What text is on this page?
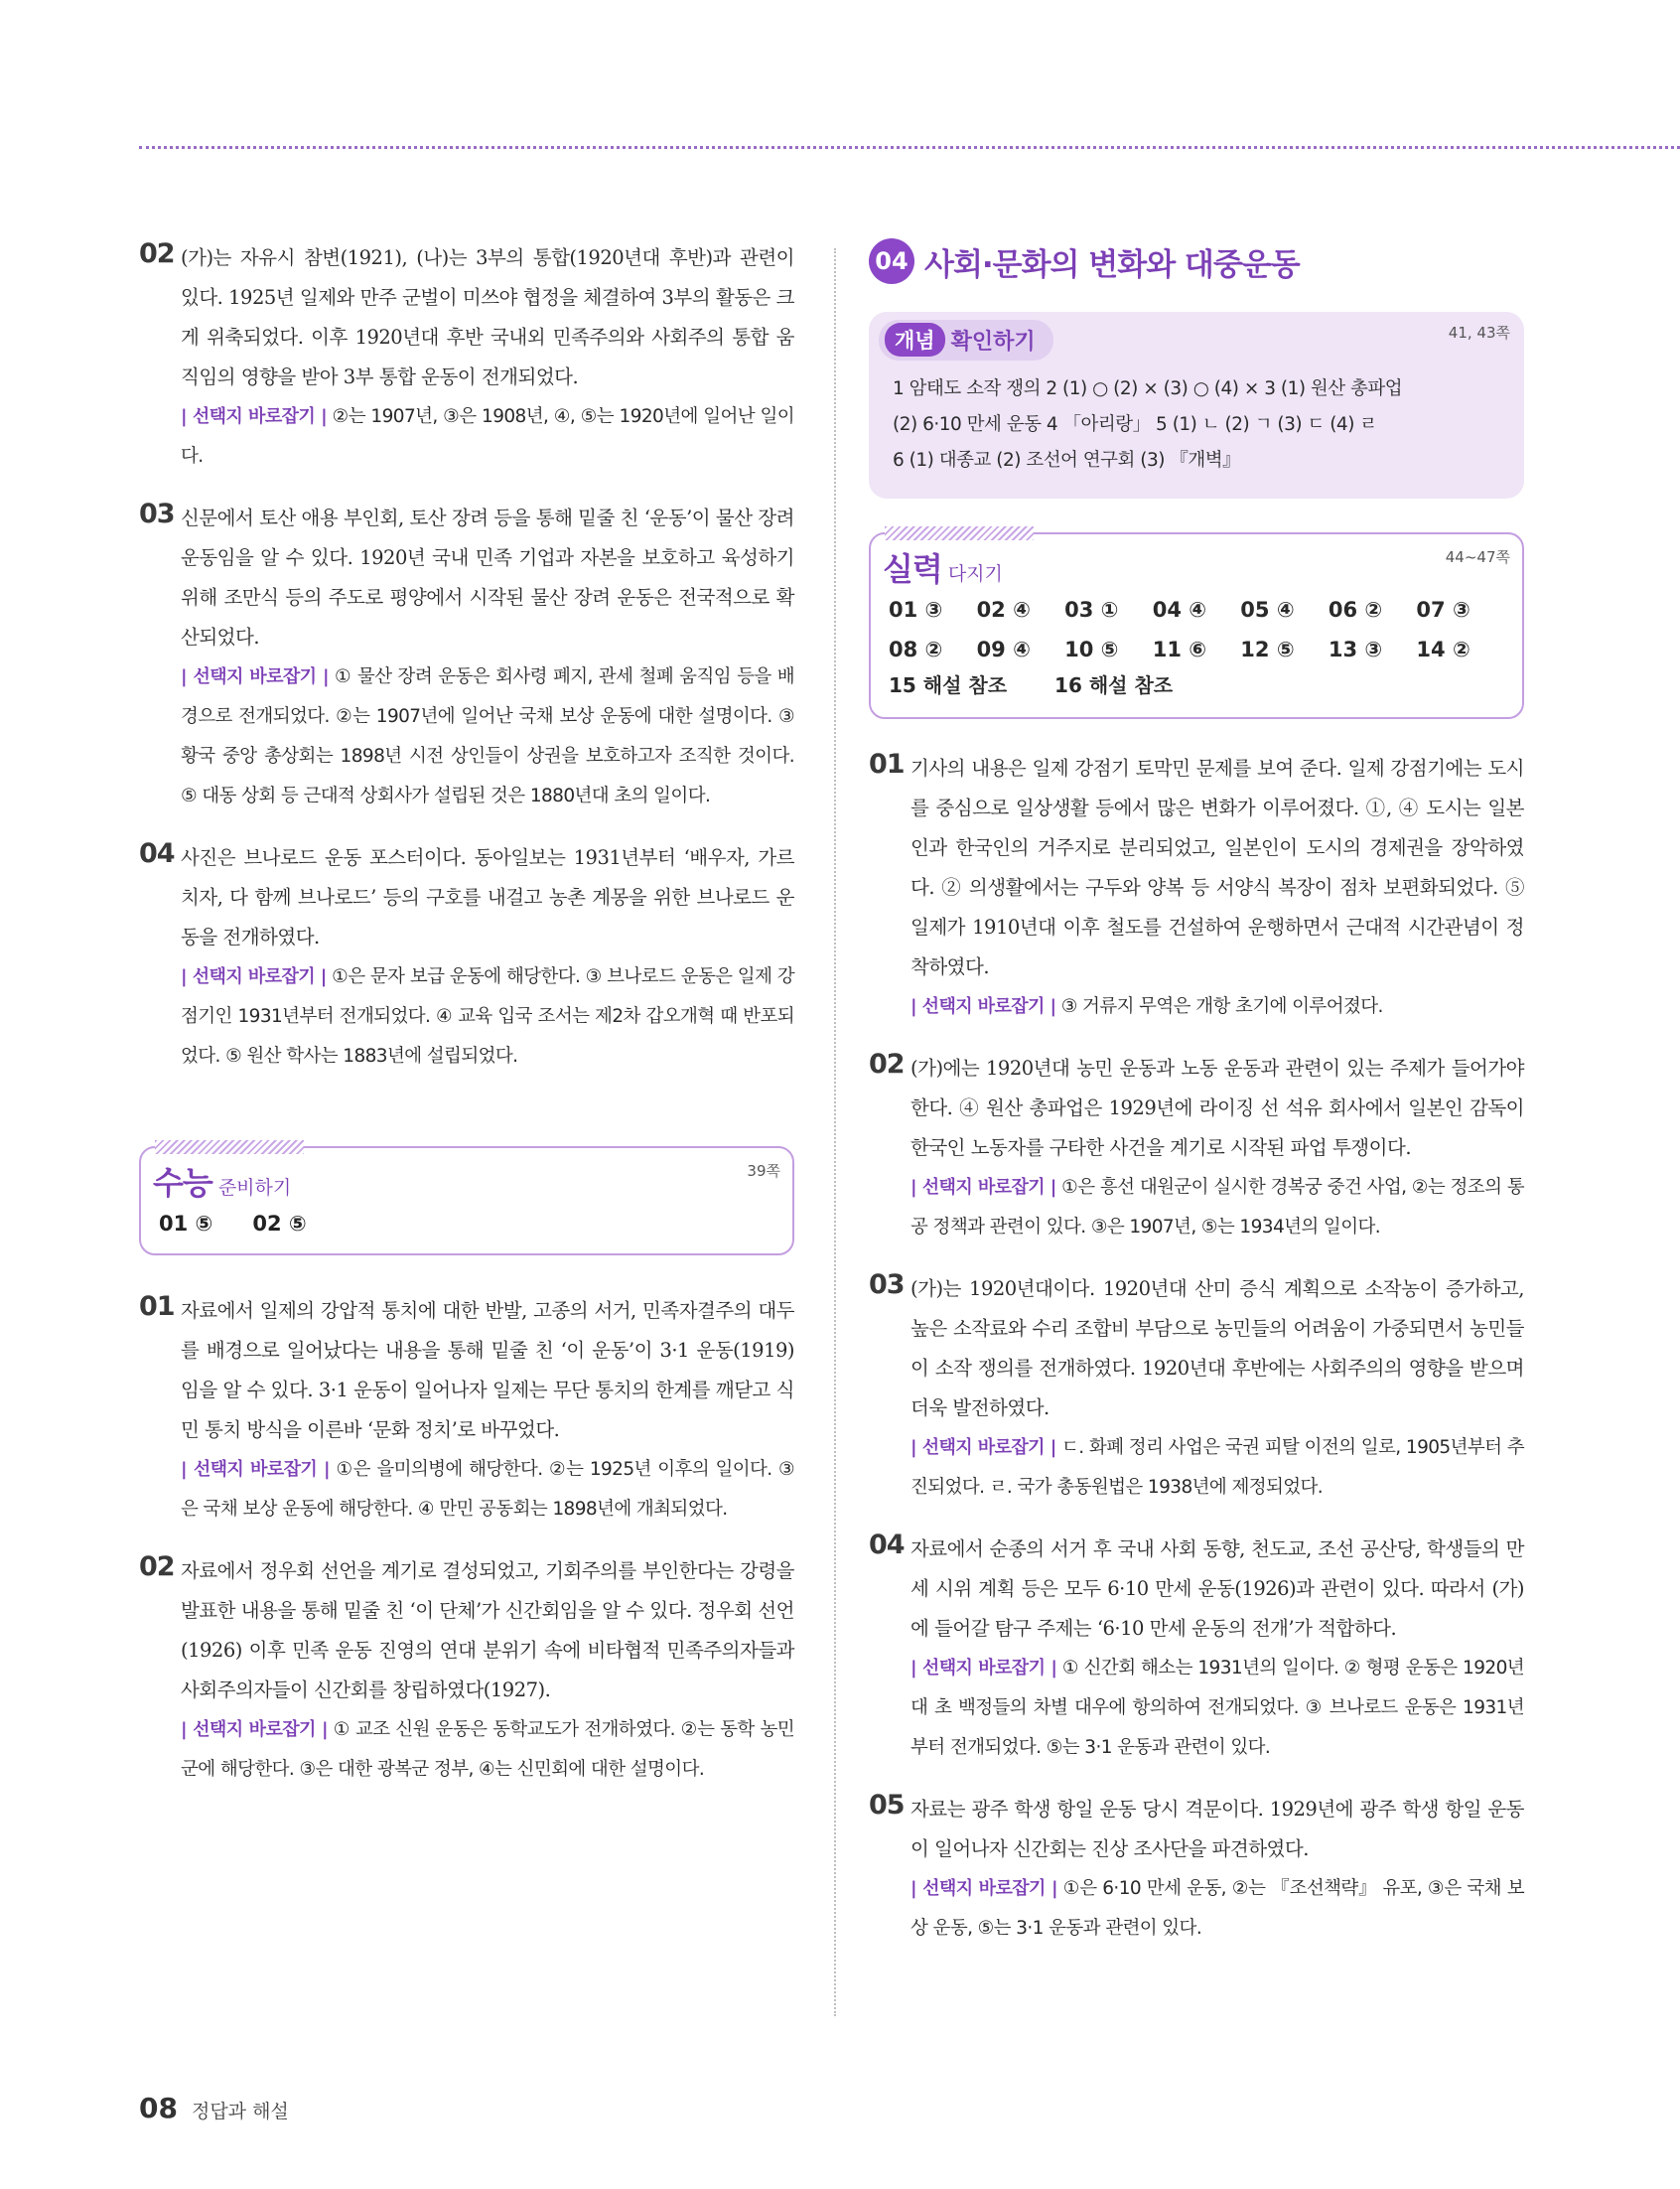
02 (가)는 자유시 참변(1921), (나)는 3부의 통합(1920년대 후반)과 관련이 있다. 1925년 일제와 만주 군벌이 미쓰야 협정을 체결하여 3부의 활동은 크게 위축되었다. 이후 1920년대 후반 국내외 민족주의와 사회주의 통합 움직임의 영향을 받아 3부 통합 운동이 전개되었다.

| 선택지 바로잡기 | ②는 1907년, ③은 1908년, ④, ⑤는 1920년에 일어난 일이다.

03 신문에서 토산 애용 부인회, 토산 장려 등을 통해 밑줄 친 ‘운동’이 물산 장려 운동임을 알 수 있다. 1920년 국내 민족 기업과 자본을 보호하고 육성하기 위해 조만식 등의 주도로 평양에서 시작된 물산 장려 운동은 전국적으로 확산되었다.

| 선택지 바로잡기 | ① 물산 장려 운동은 회사령 폐지, 관세 철폐 움직임 등을 배경으로 전개되었다. ②는 1907년에 일어난 국채 보상 운동에 대한 설명이다. ③ 황국 중앙 총상회는 1898년 시전 상인들이 상권을 보호하고자 조직한 것이다. ⑤ 대동 상회 등 근대적 상회사가 설립된 것은 1880년대 초의 일이다.

04 사진은 브나로드 운동 포스터이다. 동아일보는 1931년부터 ‘배우자, 가르치자, 다 함께 브나로드’ 등의 구호를 내걸고 농촌 계몽을 위한 브나로드 운동을 전개하였다.

| 선택지 바로잡기 | ①은 문자 보급 운동에 해당한다. ③ 브나로드 운동은 일제 강점기인 1931년부터 전개되었다. ④ 교육 입국 조서는 제2차 갑오개혁 때 반포되었다. ⑤ 원산 학사는 1883년에 설립되었다.

수능 준비하기
39쪽
01 ⑤ 02 ⑤
01 자료에서 일제의 강압적 통치에 대한 반발, 고종의 서거, 민족자결주의 대두를 배경으로 일어났다는 내용을 통해 밑줄 친 ‘이 운동’이 3·1 운동(1919)임을 알 수 있다. 3·1 운동이 일어나자 일제는 무단 통치의 한계를 깨닫고 식민 통치 방식을 이른바 ‘문화 정치’로 바꾸었다.

| 선택지 바로잡기 | ①은 을미의병에 해당한다. ②는 1925년 이후의 일이다. ③은 국채 보상 운동에 해당한다. ④ 만민 공동회는 1898년에 개최되었다.

02 자료에서 정우회 선언을 계기로 결성되었고, 기회주의를 부인한다는 강령을 발표한 내용을 통해 밑줄 친 ‘이 단체’가 신간회임을 알 수 있다. 정우회 선언(1926) 이후 민족 운동 진영의 연대 분위기 속에 비타협적 민족주의자들과 사회주의자들이 신간회를 창립하였다(1927).

| 선택지 바로잡기 | ① 교조 신원 운동은 동학교도가 전개하였다. ②는 동학 농민군에 해당한다. ③은 대한 광복군 정부, ④는 신민회에 대한 설명이다.

04 사회·문화의 변화와 대중운동
개념 확인하기	41, 43쪽
1 암태도 소작 쟁의 2 (1) ○ (2) × (3) ○ (4) × 3 (1) 원산 총파업
(2) 6·10 만세 운동 4 「아리랑」 5 (1) ㄴ (2) ㄱ (3) ㄷ (4) ㄹ
6 (1) 대종교 (2) 조선어 연구회 (3) 『개벽』
실력 다지기
44~47쪽
01 ③	02 ④	03 ①	04 ④	05 ④	06 ②	07 ③
08 ②	09 ④	10 ⑤	11 ⑥	12 ⑤	13 ③	14 ②
15 해설 참조 16 해설 참조
01 기사의 내용은 일제 강점기 토막민 문제를 보여 준다. 일제 강점기에는 도시를 중심으로 일상생활 등에서 많은 변화가 이루어졌다. ①, ④ 도시는 일본인과 한국인의 거주지로 분리되었고, 일본인이 도시의 경제권을 장악하였다. ② 의생활에서는 구두와 양복 등 서양식 복장이 점차 보편화되었다. ⑤ 일제가 1910년대 이후 철도를 건설하여 운행하면서 근대적 시간관념이 정착하였다.

| 선택지 바로잡기 | ③ 거류지 무역은 개항 초기에 이루어졌다.

02 (가)에는 1920년대 농민 운동과 노동 운동과 관련이 있는 주제가 들어가야 한다. ④ 원산 총파업은 1929년에 라이징 선 석유 회사에서 일본인 감독이 한국인 노동자를 구타한 사건을 계기로 시작된 파업 투쟁이다.

| 선택지 바로잡기 | ①은 흥선 대원군이 실시한 경복궁 중건 사업, ②는 정조의 통공 정책과 관련이 있다. ③은 1907년, ⑤는 1934년의 일이다.

03 (가)는 1920년대이다. 1920년대 산미 증식 계획으로 소작농이 증가하고, 높은 소작료와 수리 조합비 부담으로 농민들의 어려움이 가중되면서 농민들이 소작 쟁의를 전개하였다. 1920년대 후반에는 사회주의의 영향을 받으며 더욱 발전하였다.

| 선택지 바로잡기 | ㄷ. 화폐 정리 사업은 국권 피탈 이전의 일로, 1905년부터 추진되었다. ㄹ. 국가 총동원법은 1938년에 제정되었다.

04 자료에서 순종의 서거 후 국내 사회 동향, 천도교, 조선 공산당, 학생들의 만세 시위 계획 등은 모두 6·10 만세 운동(1926)과 관련이 있다. 따라서 (가)에 들어갈 탐구 주제는 ‘6·10 만세 운동의 전개’가 적합하다.

| 선택지 바로잡기 | ① 신간회 해소는 1931년의 일이다. ② 형평 운동은 1920년대 초 백정들의 차별 대우에 항의하여 전개되었다. ③ 브나로드 운동은 1931년부터 전개되었다. ⑤는 3·1 운동과 관련이 있다.

05 자료는 광주 학생 항일 운동 당시 격문이다. 1929년에 광주 학생 항일 운동이 일어나자 신간회는 진상 조사단을 파견하였다.

| 선택지 바로잡기 | ①은 6·10 만세 운동, ②는 『조선책략』 유포, ③은 국채 보상 운동, ⑤는 3·1 운동과 관련이 있다.

08 정답과 해설
